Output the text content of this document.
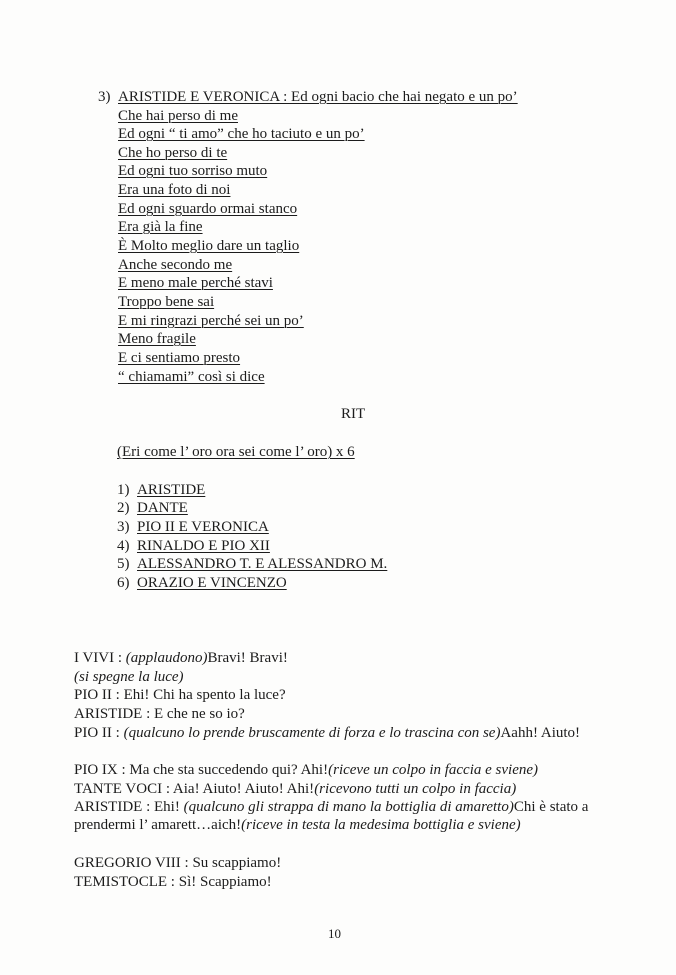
3) ARISTIDE E VERONICA : Ed ogni bacio che hai negato e un po’
Che hai perso di me
Ed ogni “ ti amo” che ho taciuto e un po’
Che ho perso di te
Ed ogni tuo sorriso muto
Era una foto di noi
Ed ogni sguardo ormai stanco
Era già la fine
È Molto meglio dare un taglio
Anche secondo me
E meno male perché stavi
Troppo bene sai
E mi ringrazi perché sei un po’
Meno fragile
E ci sentiamo presto
“ chiamami” così si dice
RIT
(Eri come l’ oro ora sei come l’ oro) x 6
1) ARISTIDE
2) DANTE
3) PIO II E VERONICA
4) RINALDO E PIO XII
5) ALESSANDRO T. E ALESSANDRO M.
6) ORAZIO E VINCENZO
I VIVI : (applaudono)Bravi! Bravi!
(si spegne la luce)
PIO II : Ehi! Chi ha spento la luce?
ARISTIDE : E che ne so io?
PIO II : (qualcuno lo prende bruscamente di forza e lo trascina con se)Aahh! Aiuto!
PIO IX : Ma che sta succedendo qui? Ahi!(riceve un colpo in faccia e sviene)
TANTE VOCI : Aia! Aiuto! Aiuto! Ahi!(ricevono tutti un colpo in faccia)
ARISTIDE : Ehi! (qualcuno gli strappa di mano la bottiglia di amaretto)Chi è stato a prendermi l’ amarett…aich!(riceve in testa la medesima bottiglia e sviene)
GREGORIO VIII : Su scappiamo!
TEMISTOCLE : Sì! Scappiamo!
10
